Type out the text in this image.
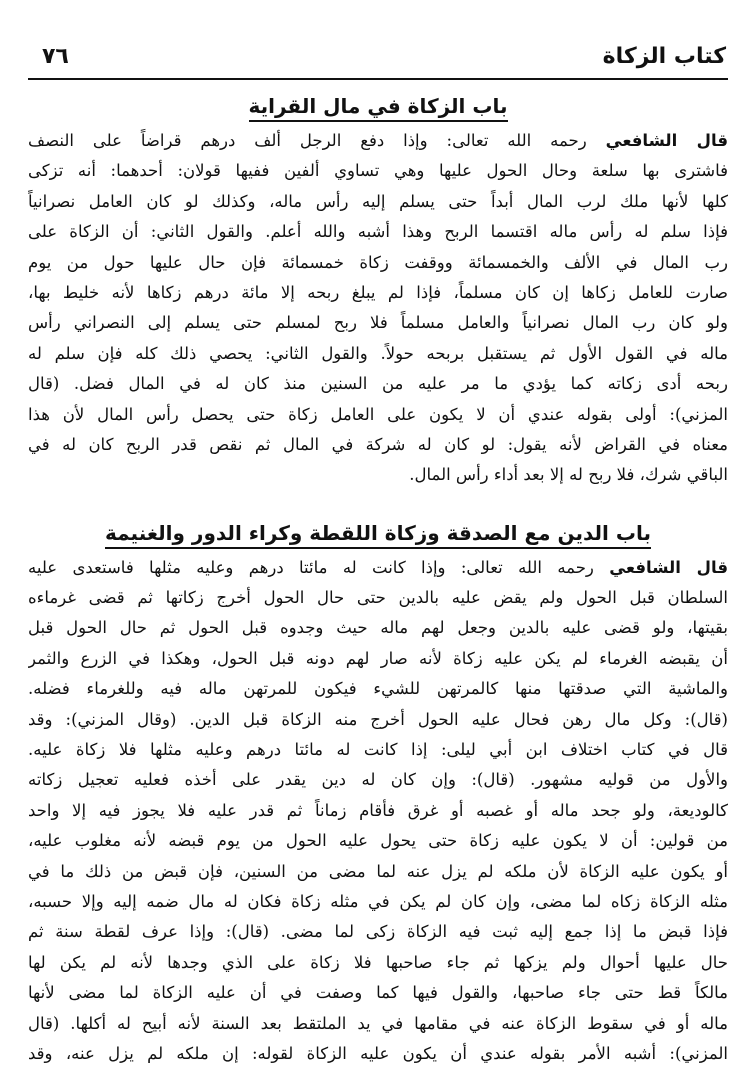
كتاب الزكاة
٧٦
باب الزكاة في مال القراية
قال الشافعي رحمه الله تعالى: وإذا دفع الرجل ألف درهم قراضاً على النصف
فاشترى بها سلعة وحال الحول عليها وهي تساوي ألفين ففيها قولان: أحدهما: أنه تزكى
كلها لأنها ملك لرب المال أبداً حتى يسلم إليه رأس ماله، وكذلك لو كان العامل نصرانياً
فإذا سلم له رأس ماله اقتسما الربح وهذا أشبه والله أعلم. والقول الثاني: أن الزكاة على
رب المال في الألف والخمسمائة ووقفت زكاة خمسمائة فإن حال عليها حول من يوم
صارت للعامل زكاها إن كان مسلماً، فإذا لم يبلغ ربحه إلا مائة درهم زكاها لأنه خليط بها،
ولو كان رب المال نصرانياً والعامل مسلماً فلا ربح لمسلم حتى يسلم إلى النصراني رأس
ماله في القول الأول ثم يستقبل بربحه حولاً. والقول الثاني: يحصي ذلك كله فإن سلم له
ربحه أدى زكاته كما يؤدي ما مر عليه من السنين منذ كان له في المال فضل. (قال
المزني): أولى بقوله عندي أن لا يكون على العامل زكاة حتى يحصل رأس المال لأن هذا
معناه في القراض لأنه يقول: لو كان له شركة في المال ثم نقص قدر الربح كان له في
الباقي شرك، فلا ربح له إلا بعد أداء رأس المال.
باب الدين مع الصدقة وزكاة اللقطة وكراء الدور والغنيمة
قال الشافعي رحمه الله تعالى: وإذا كانت له مائتا درهم وعليه مثلها فاستعدى عليه
السلطان قبل الحول ولم يقض عليه بالدين حتى حال الحول أخرج زكاتها ثم قضى غرماءه
بقيتها، ولو قضى عليه بالدين وجعل لهم ماله حيث وجدوه قبل الحول ثم حال الحول قبل
أن يقبضه الغرماء لم يكن عليه زكاة لأنه صار لهم دونه قبل الحول، وهكذا في الزرع والثمر
والماشية التي صدقتها منها كالمرتهن للشيء فيكون للمرتهن ماله فيه وللغرماء فضله.
(قال): وكل مال رهن فحال عليه الحول أخرج منه الزكاة قبل الدين. (وقال المزني): وقد
قال في كتاب اختلاف ابن أبي ليلى: إذا كانت له مائتا درهم وعليه مثلها فلا زكاة عليه.
والأول من قوليه مشهور. (قال): وإن كان له دين يقدر على أخذه فعليه تعجيل زكاته
كالوديعة، ولو جحد ماله أو غصبه أو غرق فأقام زماناً ثم قدر عليه فلا يجوز فيه إلا واحد
من قولين: أن لا يكون عليه زكاة حتى يحول عليه الحول من يوم قبضه لأنه مغلوب عليه،
أو يكون عليه الزكاة لأن ملكه لم يزل عنه لما مضى من السنين، فإن قبض من ذلك ما في
مثله الزكاة زكاه لما مضى، وإن كان لم يكن في مثله زكاة فكان له مال ضمه إليه وإلا حسبه،
فإذا قبض ما إذا جمع إليه ثبت فيه الزكاة زكى لما مضى. (قال): وإذا عرف لقطة سنة ثم
حال عليها أحوال ولم يزكها ثم جاء صاحبها فلا زكاة على الذي وجدها لأنه لم يكن لها
مالكاً قط حتى جاء صاحبها، والقول فيها كما وصفت في أن عليه الزكاة لما مضى لأنها
ماله أو في سقوط الزكاة عنه في مقامها في يد الملتقط بعد السنة لأنه أبيح له أكلها. (قال
المزني): أشبه الأمر بقوله عندي أن يكون عليه الزكاة لقوله: إن ملكه لم يزل عنه، وقد
